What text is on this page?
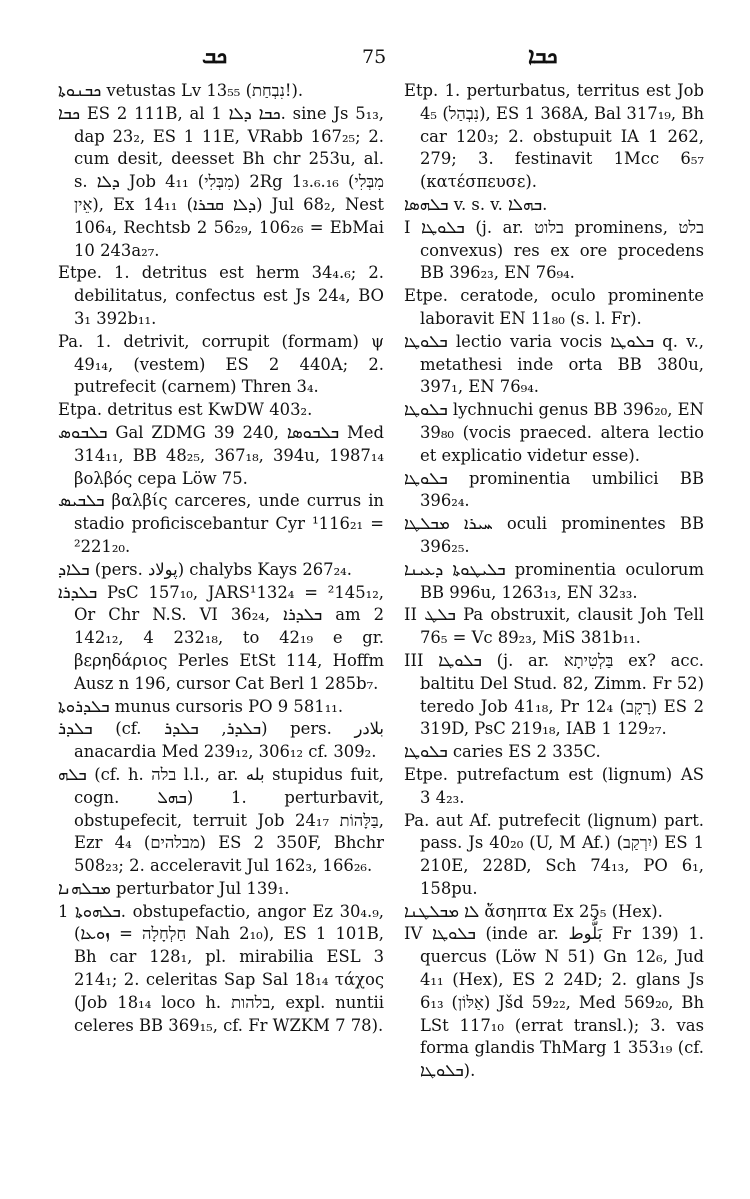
ܟܒ	75	ܟܒܐ

ܟܒܢܘܬܐ vetustas Lv 13₅₅ (נִבְחַת!).

ܟܒܐ ES 2 111B, al ܟܒܐ ܕܠܐ 1. sine Js 5₁₃, dap 23₂, ES 1 11E, VRabb 167₂₅; 2. cum desit, deesset Bh chr 253u, al. s. ܕܠܐ Job 4₁₁ (מִבְּלִי) 2Rg 1₃.₆.₁₆ (מִבְּלִי אֵין), Ex 14₁₁ (ܕܠܐ ܩܒܪܐ) Jul 68₂, Nest 106₄, Rechtsb 2 56₂₉, 106₂₆ = EbMai 10 243a₂₇.

Etpe. 1. detritus est herm 34₄.₆; 2. debilitatus, confectus est Js 24₄, BO 3₁ 392b₁₁.

Pa. 1. detrivit, corrupit (formam) ψ 49₁₄, (vestem) ES 2 440A; 2. putrefecit (carnem) Thren 3₄.

Etpa. detritus est KwDW 403₂.

ܒܠܒܘܣ Gal ZDMG 39 240, ܒܠܒܘܣܐ Med 314₁₁, BB 48₂₅, 367₁₈, 394u, 1987₁₄ βολβός cepa Löw 75.

ܒܠܒܝܣ βαλβίς carceres, unde currus in stadio proficiscebantur Cyr ¹116₂₁ = ²221₂₀.

ܒܠܐܕ (pers. پولاد) chalybs Kays 267₂₄.

ܒܠܕܪܐ PsC 157₁₀, JARS¹132₄ = ²145₁₂, Or Chr N.S. VI 36₂₄, ܒܠܕܪܐ am 2 142₁₂, 4 232₁₈, to 42₁₉ e gr. βερηδάριος Perles EtSt 114, Hoffm Ausz n 196, cursor Cat Berl 1 285b₇.

ܒܠܕܪܘܬܐ munus cursoris PO 9 581₁₁.

ܒܠܕܪ (cf. ܒܠܕܪ, ܒܠܕܪ) pers. بلادر anacardia Med 239₁₂, 306₁₂ cf. 309₂.

ܒܠܗ (cf. h. בלה l.l., ar. بله stupidus fuit, cogn. ܒܗܠ) 1. perturbavit, obstupefecit, terruit Job 24₁₇ בַּלָּהוֹת, Ezr 4₄ (מבלהים) ES 2 350F, Bhchr 508₂₃; 2. acceleravit Jul 162₃, 166₂₆.

ܡܒܠܗܢܐ perturbator Jul 139₁.

ܒܠܗܘܬܐ 1. obstupefactio, angor Ez 30₄.₉, (חַלְחָלָה = ܙܘܥܐ Nah 2₁₀), ES 1 101B, Bh car 128₁, pl. mirabilia ESL 3 214₁; 2. celeritas Sap Sal 18₁₄ τάχος (Job 18₁₄ loco h. בלהות, expl. nuntii celeres BB 369₁₅, cf. Fr WZKM 7 78).

Etp. 1. perturbatus, territus est Job 4₅ (נִבְהַל), ES 1 368A, Bal 317₁₉, Bh car 120₃; 2. obstupuit IA 1 262, 279; 3. festinavit 1Mcc 6₅₇ (κατέσπευσε).

ܒܠܗܣܐ v. s. v. ܒܗܠܐ.

I ܒܠܘܛܐ (j. ar. בלוט prominens, בלט convexus) res ex ore procedens BB 396₂₃, EN 76₉₄.

Etpe. ceratode, oculo prominente laboravit EN 11₈₀ (s. l. Fr).

ܒܠܘܛܐ lectio varia vocis ܒܠܘܛܐ q. v., metathesi inde orta BB 380u, 397₁, EN 76₉₄.

ܒܠܘܛܐ lychnuchi genus BB 396₂₀, EN 39₈₀ (vocis praeced. altera lectio et explicatio videtur esse).

ܒܠܘܛܐ prominentia umbilici BB 396₂₄.

ܚܝܪܐ ܡܒܠܛܐ oculi prominentes BB 396₂₅.

ܒܠܝܛܘܬܐ ܕܥܝܢܐ prominentia oculorum BB 996u, 1263₁₃, EN 32₃₃.

II ܒܠܛ Pa obstruxit, clausit Joh Tell 76₅ = Vc 89₂₃, MiS 381b₁₁.

III ܒܠܘܛܐ (j. ar. בַּלְטִיתָא ex? acc. baltitu Del Stud. 82, Zimm. Fr 52) teredo Job 41₁₈, Pr 12₄ (רָקָב) ES 2 319D, PsC 219₁₈, IAB 1 129₂₇.

ܒܠܘܛܐ caries ES 2 335C.

Etpe. putrefactum est (lignum) AS 3 4₂₃.

Pa. aut Af. putrefecit (lignum) part. pass. Js 40₂₀ (U, M Af.) (יִרְקַב) ES 1 210E, 228D, Sch 74₁₃, PO 6₁, 158pu.

ܠܐ ܡܒܠܛܢܐ ἄσηπτα Ex 25₅ (Hex).

IV ܒܠܘܛܐ (inde ar. بَلُّوط Fr 139) 1. quercus (Löw N 51) Gn 12₆, Jud 4₁₁ (Hex), ES 2 24D; 2. glans Js 6₁₃ (אַלּוֹן) Jšd 59₂₂, Med 569₂₀, Bh LSt 117₁₀ (errat transl.); 3. vas forma glandis ThMarg 1 353₁₉ (cf. ܒܠܘܛܐ).
